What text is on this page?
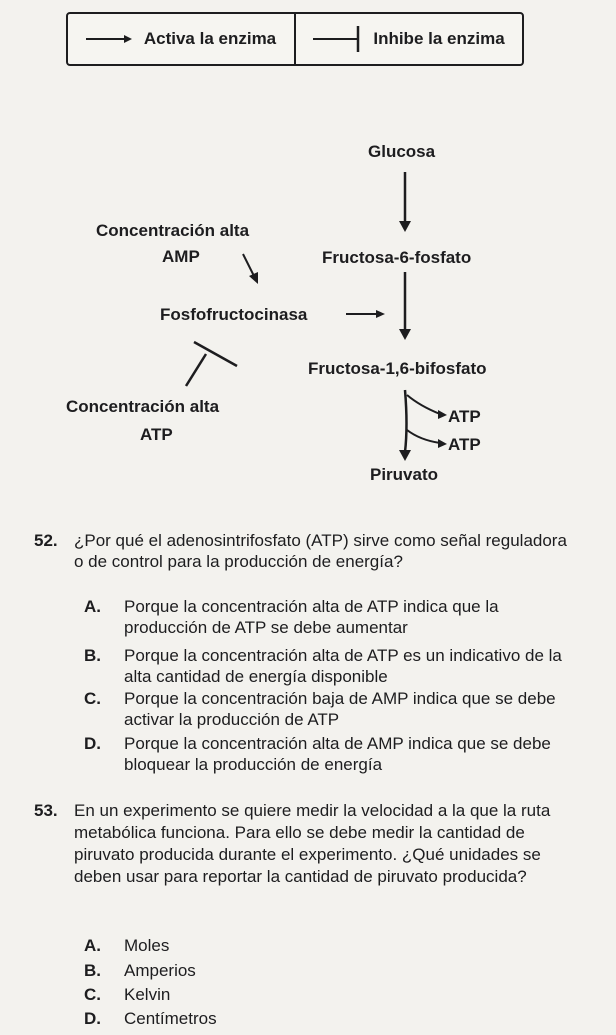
Activa la enzima	Inhibe la enzima
Glucosa
Concentración alta
AMP	Fructosa-6-fosfato
Fosfofructocinasa
Fructosa-1,6-bifosfato
Concentración alta
ATP
ATP
ATP
Piruvato
52. ¿Por qué el adenosintrifosfato (ATP) sirve como señal reguladora o de control para la producción de energía?
A.	Porque la concentración alta de ATP indica que la producción de ATP se debe aumentar
B.	Porque la concentración alta de ATP es un indicativo de la alta cantidad de energía disponible
C.	Porque la concentración baja de AMP indica que se debe activar la producción de ATP
D.	Porque la concentración alta de AMP indica que se debe bloquear la producción de energía
53. En un experimento se quiere medir la velocidad a la que la ruta metabólica funciona. Para ello se debe medir la cantidad de piruvato producida durante el experimento. ¿Qué unidades se deben usar para reportar la cantidad de piruvato producida?
A.	Moles
B.	Amperios
C.	Kelvin
D.	Centímetros
